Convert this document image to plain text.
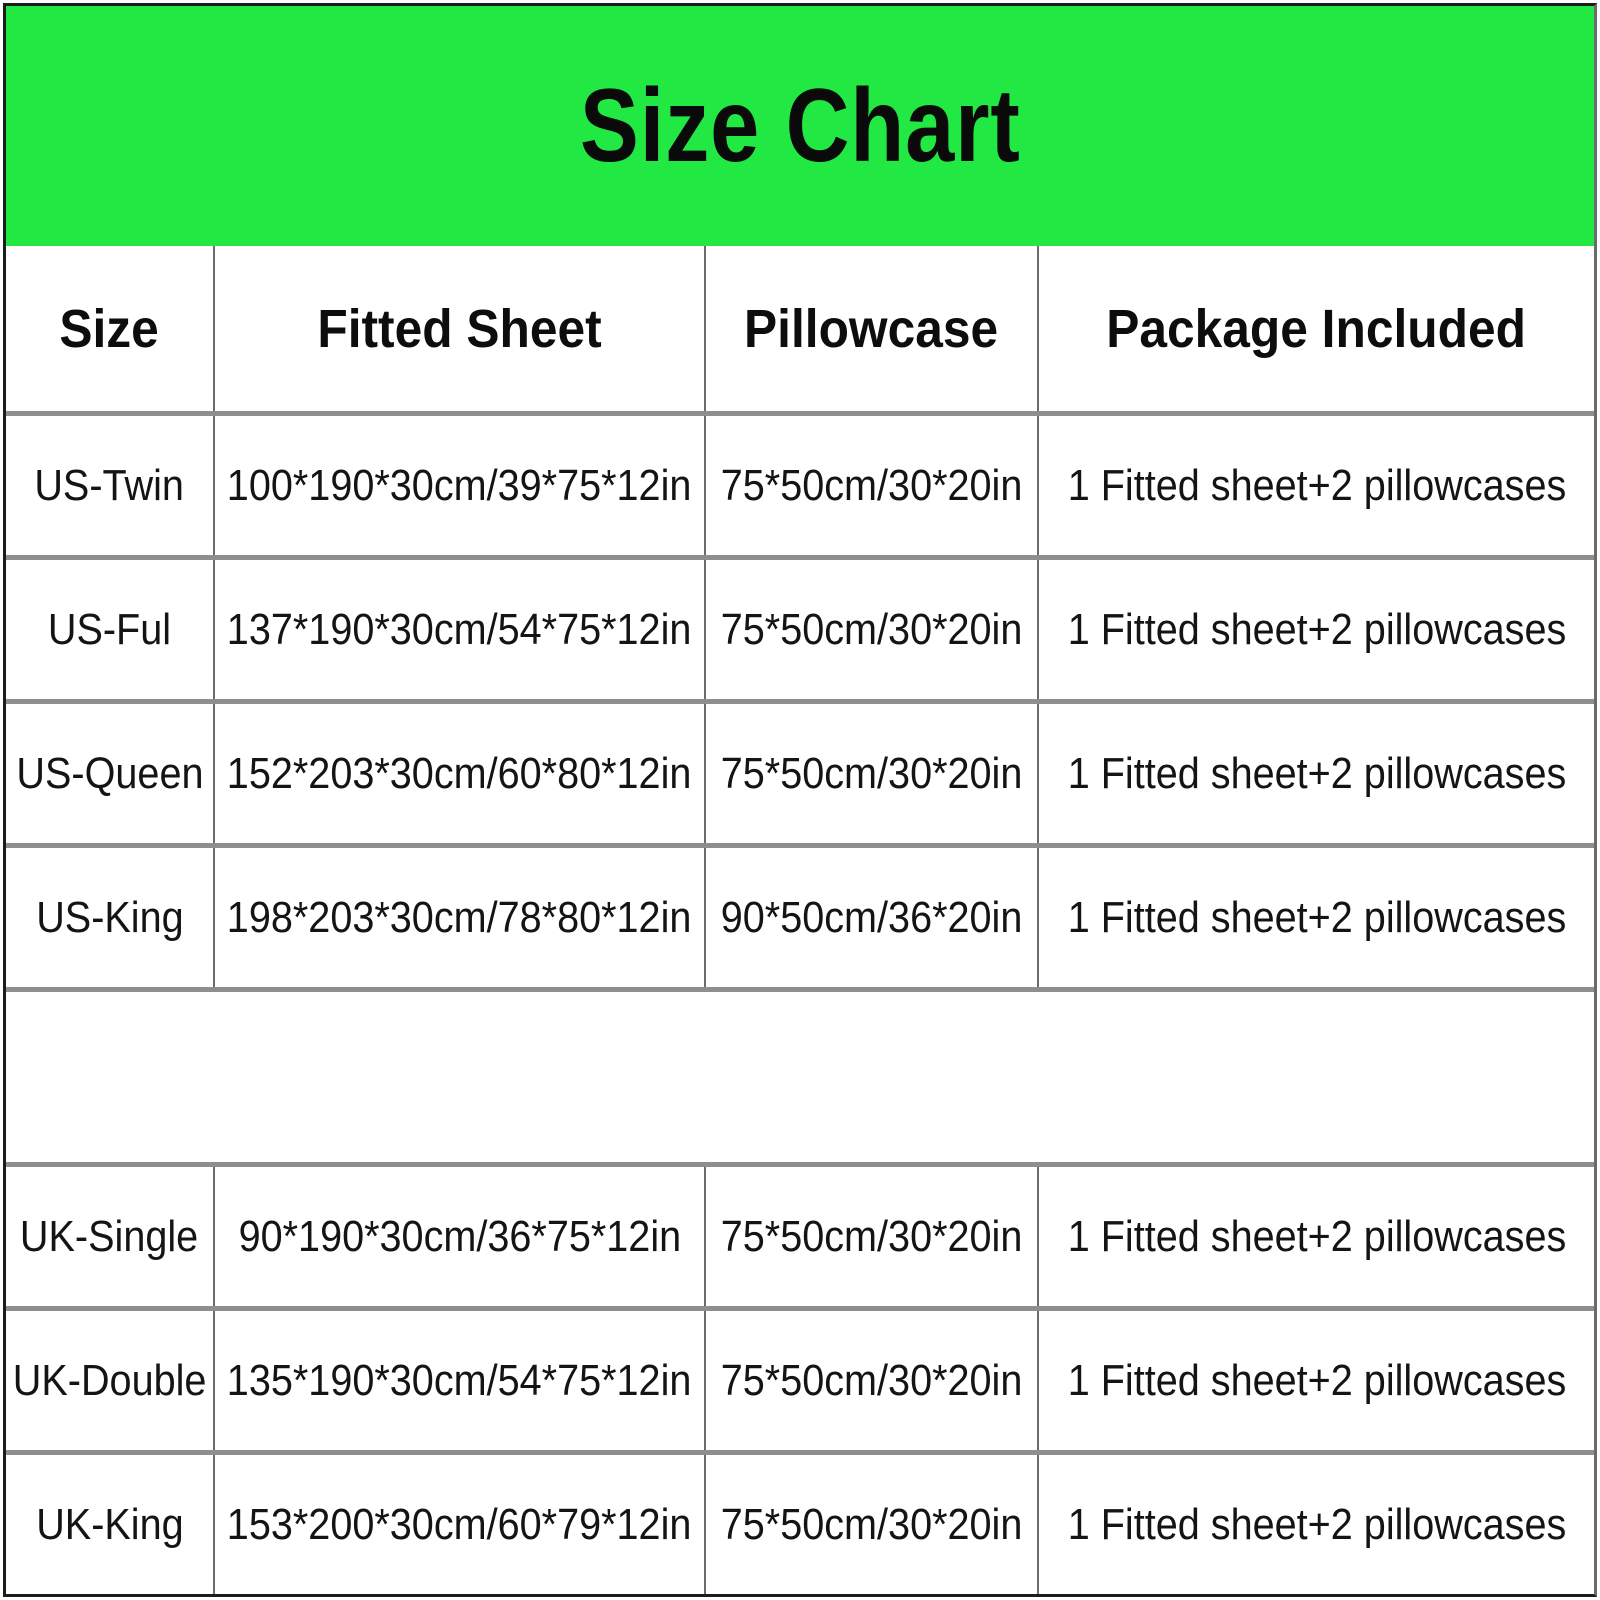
Size Chart
Size	Fitted Sheet	Pillowcase Package Included
US-Twin 100*190*30cm/39*75*12in 75*50cm/30*20in 1 Fitted sheet+2 pillowcases
US-Ful 137*190*30cm/54*75*12in 75*50cm/30*20in 1 Fitted sheet+2 pillowcases
US-Queen 152*203*30cm/60*80*12in 75*50cm/30*20in 1 Fitted sheet+2 pillowcases
US-King 198*203*30cm/78*80*12in 90*50cm/36*20in 1 Fitted sheet+2 pillowcases
UK-Single 90*190*30cm/36*75*12in 75*50cm/30*20in 1 Fitted sheet+2 pillowcases
UK-Double 135*190*30cm/54*75*12in 75*50cm/30*20in 1 Fitted sheet+2 pillowcases
UK-King 153*200*30cm/60*79*12in 75*50cm/30*20in 1 Fitted sheet+2 pillowcases
